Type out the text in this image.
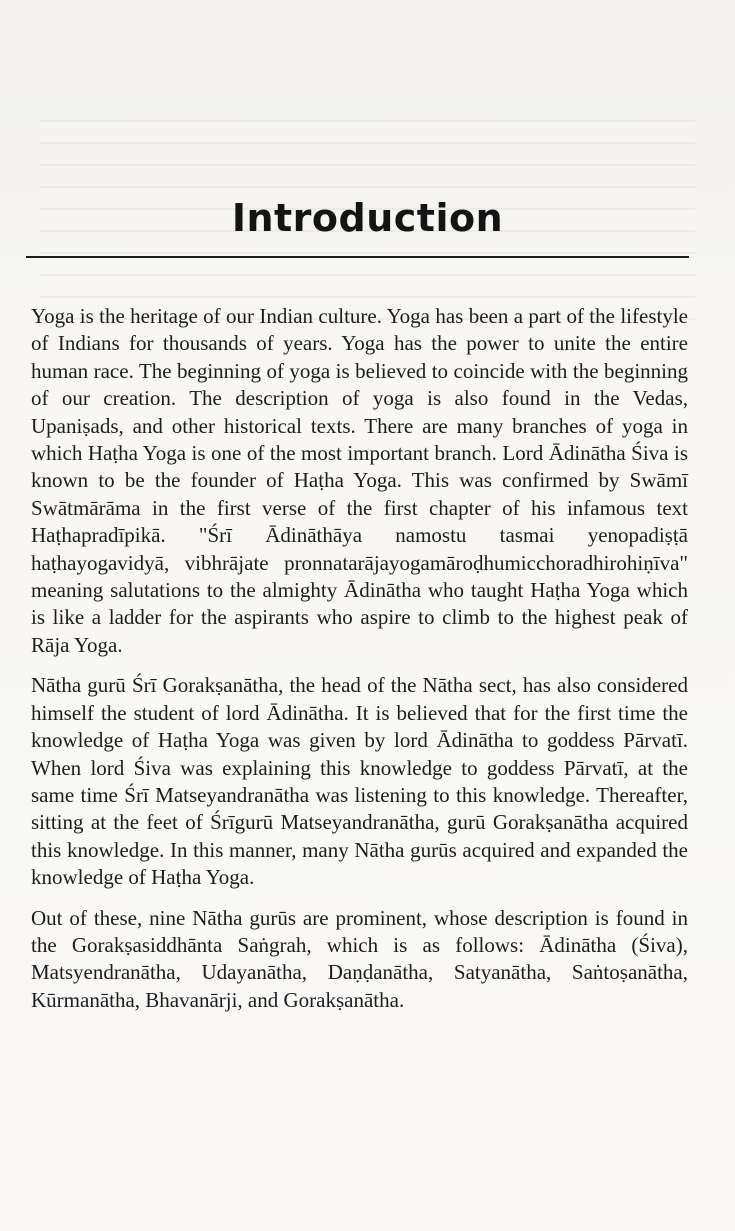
Introduction

Yoga is the heritage of our Indian culture. Yoga has been a part of the lifestyle of Indians for thousands of years. Yoga has the power to unite the entire human race. The beginning of yoga is believed to coincide with the beginning of our creation. The description of yoga is also found in the Vedas, Upaniṣads, and other historical texts. There are many branches of yoga in which Haṭha Yoga is one of the most important branch. Lord Ādinātha Śiva is known to be the founder of Haṭha Yoga. This was confirmed by Swāmī Swātmārāma in the first verse of the first chapter of his infamous text Haṭhapradīpikā. "Śrī Ādināthāya namostu tasmai yenopadiṣṭā haṭhayogavidyā, vibhrājate pronnatarājayogamāroḍhumicchoradhirohiṇīva" meaning salutations to the almighty Ādinātha who taught Haṭha Yoga which is like a ladder for the aspirants who aspire to climb to the highest peak of Rāja Yoga.

Nātha gurū Śrī Gorakṣanātha, the head of the Nātha sect, has also considered himself the student of lord Ādinātha. It is believed that for the first time the knowledge of Haṭha Yoga was given by lord Ādinātha to goddess Pārvatī. When lord Śiva was explaining this knowledge to goddess Pārvatī, at the same time Śrī Matseyandranātha was listening to this knowledge. Thereafter, sitting at the feet of Śrīgurū Matseyandranātha, gurū Gorakṣanātha acquired this knowledge. In this manner, many Nātha gurūs acquired and expanded the knowledge of Haṭha Yoga.

Out of these, nine Nātha gurūs are prominent, whose description is found in the Gorakṣasiddhānta Saṅgrah, which is as follows: Ādinātha (Śiva), Matsyendranātha, Udayanātha, Daṇḍanātha, Satyanātha, Saṅtoṣanātha, Kūrmanātha, Bhavanārji, and Gorakṣanātha.
